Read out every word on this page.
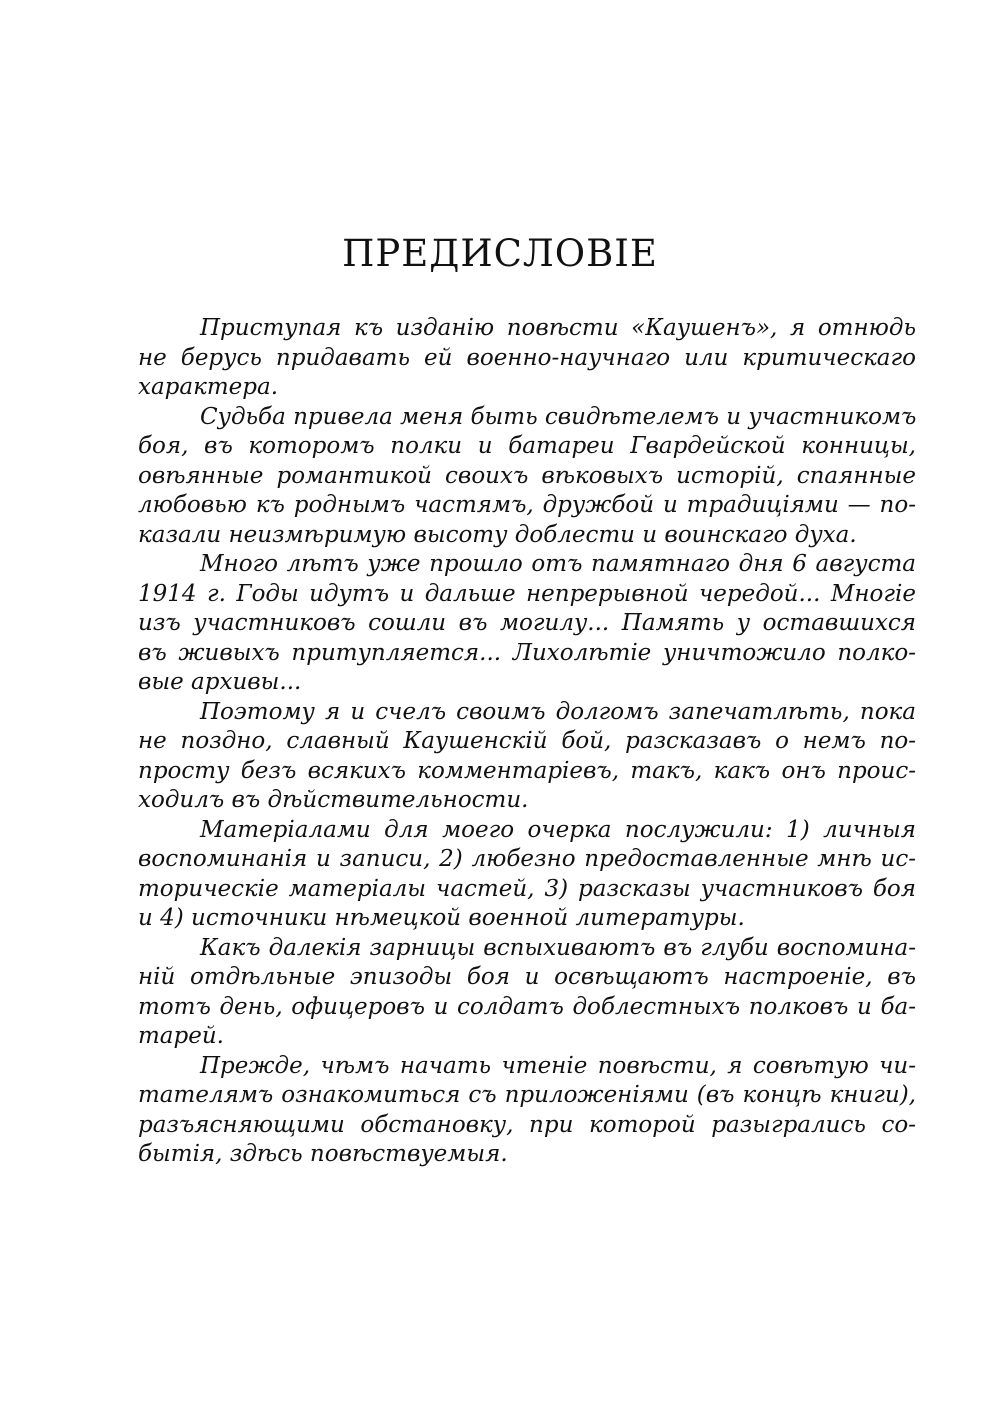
ПРЕДИСЛОВІЕ
Приступая къ изданію повѣсти «Каушенъ», я отнюдь
не берусь придавать ей военно-научнаго или критическаго
характера.
Судьба привела меня быть свидѣтелемъ и участникомъ
боя, въ которомъ полки и батареи Гвардейской конницы,
овѣянные романтикой своихъ вѣковыхъ исторій, спаянные
любовью къ роднымъ частямъ, дружбой и традиціями — по-
казали неизмѣримую высоту доблести и воинскаго духа.
Много лѣтъ уже прошло отъ памятнаго дня 6 августа
1914 г. Годы идутъ и дальше непрерывной чередой... Многіе
изъ участниковъ сошли въ могилу... Память у оставшихся
въ живыхъ притупляется... Лихолѣтіе уничтожило полко-
вые архивы...
Поэтому я и счелъ своимъ долгомъ запечатлѣть, пока
не поздно, славный Каушенскій бой, разсказавъ о немъ по-
просту безъ всякихъ комментаріевъ, такъ, какъ онъ проис-
ходилъ въ дѣйствительности.
Матеріалами для моего очерка послужили: 1) личныя
воспоминанія и записи, 2) любезно предоставленные мнѣ ис-
торическіе матеріалы частей, 3) разсказы участниковъ боя
и 4) источники нѣмецкой военной литературы.
Какъ далекія зарницы вспыхиваютъ въ глуби воспомина-
ній отдѣльные эпизоды боя и освѣщаютъ настроеніе, въ
тотъ день, офицеровъ и солдатъ доблестныхъ полковъ и ба-
тарей.
Прежде, чѣмъ начать чтеніе повѣсти, я совѣтую чи-
тателямъ ознакомиться съ приложеніями (въ концѣ книги),
разъясняющими обстановку, при которой разыгрались со-
бытія, здѣсь повѣствуемыя.
